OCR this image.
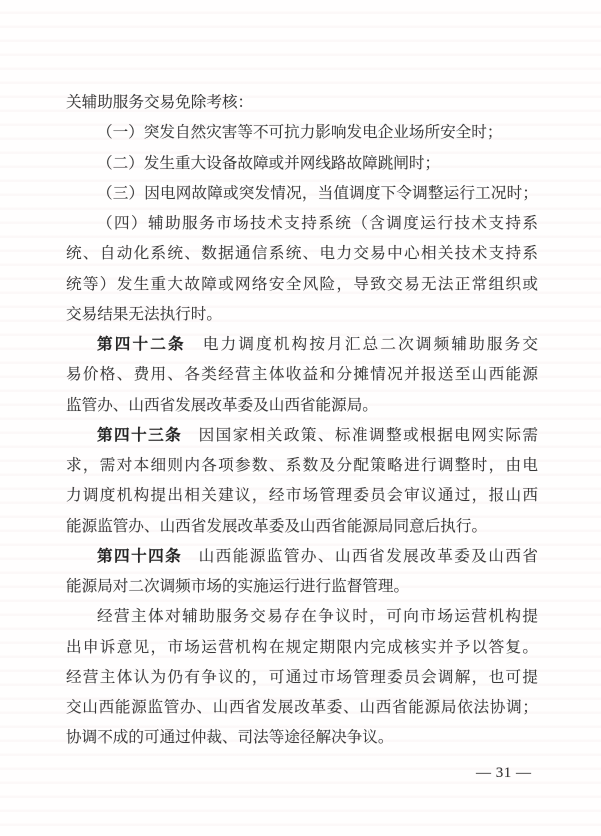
关辅助服务交易免除考核：
（一）突发自然灾害等不可抗力影响发电企业场所安全时；
（二）发生重大设备故障或并网线路故障跳闸时；
（三）因电网故障或突发情况，当值调度下令调整运行工况时；
（四）辅助服务市场技术支持系统（含调度运行技术支持系
统、自动化系统、数据通信系统、电力交易中心相关技术支持系
统等）发生重大故障或网络安全风险，导致交易无法正常组织或
交易结果无法执行时。
第四十二条 电力调度机构按月汇总二次调频辅助服务交
易价格、费用、各类经营主体收益和分摊情况并报送至山西能源
监管办、山西省发展改革委及山西省能源局。
第四十三条 因国家相关政策、标准调整或根据电网实际需
求，需对本细则内各项参数、系数及分配策略进行调整时，由电
力调度机构提出相关建议，经市场管理委员会审议通过，报山西
能源监管办、山西省发展改革委及山西省能源局同意后执行。
第四十四条 山西能源监管办、山西省发展改革委及山西省
能源局对二次调频市场的实施运行进行监督管理。
经营主体对辅助服务交易存在争议时，可向市场运营机构提
出申诉意见，市场运营机构在规定期限内完成核实并予以答复。
经营主体认为仍有争议的，可通过市场管理委员会调解，也可提
交山西能源监管办、山西省发展改革委、山西省能源局依法协调；
协调不成的可通过仲裁、司法等途径解决争议。
— 31 —
